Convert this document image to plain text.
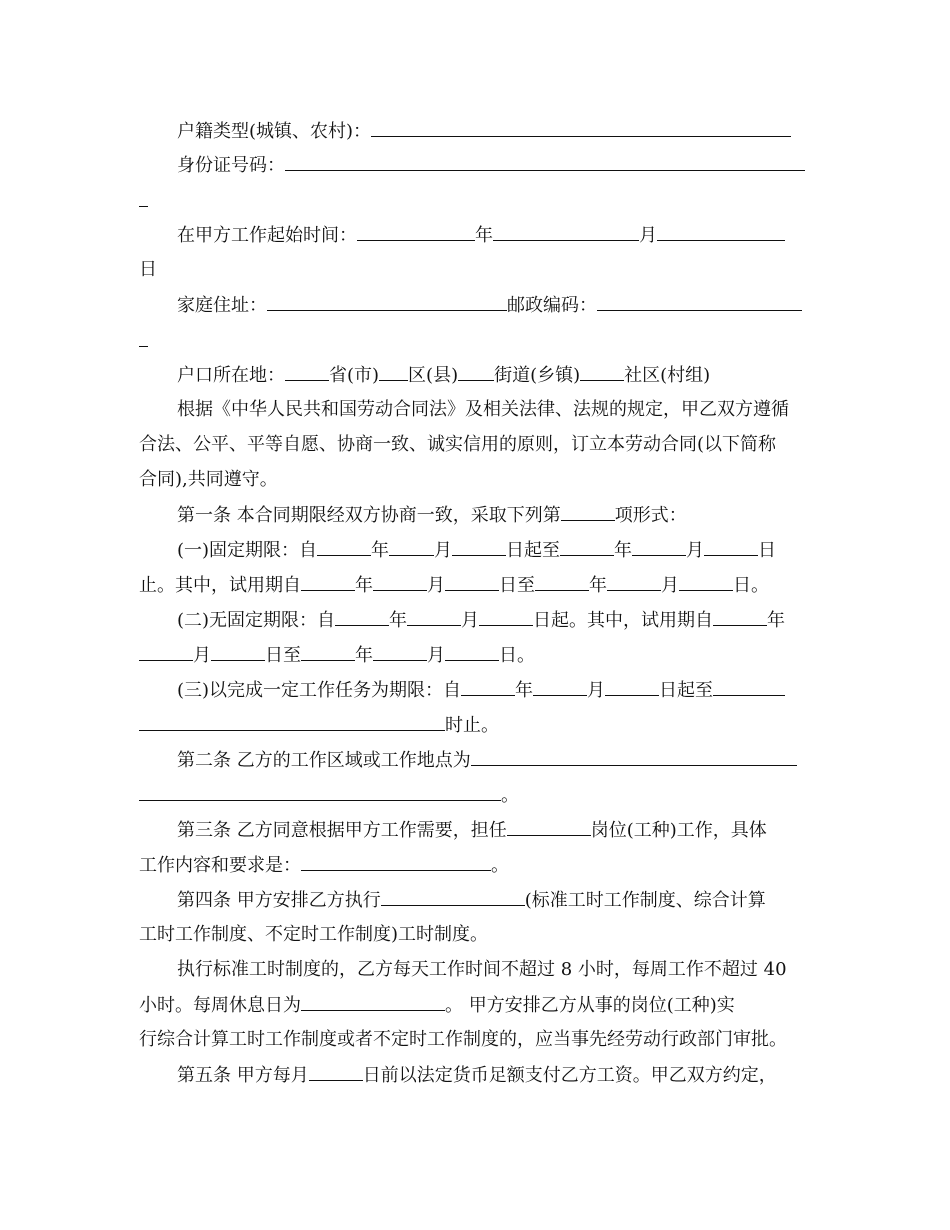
户籍类型(城镇、农村)：
身份证号码：
在甲方工作起始时间：	年	月
日
家庭住址：	邮政编码：
户口所在地： 省(市) 区(县) 街道(乡镇) 社区(村组)
根据《中华人民共和国劳动合同法》及相关法律、法规的规定，甲乙双方遵循
合法、公平、平等自愿、协商一致、诚实信用的原则，订立本劳动合同(以下简称
合同),共同遵守。
第一条 本合同期限经双方协商一致，采取下列第	项形式：
(一)固定期限：自	年	月	日起至	年	月	日
止。其中，试用期自	年	月	日至	年	月	日。
(二)无固定期限：自	年	月	日起。其中，试用期自	年
月	日至	年	月	日。
(三)以完成一定工作任务为期限：自	年	月	日起至
时止。
第二条 乙方的工作区域或工作地点为
。
第三条 乙方同意根据甲方工作需要，担任	岗位(工种)工作，具体
工作内容和要求是：	。
第四条 甲方安排乙方执行	(标准工时工作制度、综合计算
工时工作制度、不定时工作制度)工时制度。
执行标准工时制度的，乙方每天工作时间不超过 8 小时，每周工作不超过 40
小时。每周休息日为	。 甲方安排乙方从事的岗位(工种)实
行综合计算工时工作制度或者不定时工作制度的，应当事先经劳动行政部门审批。
第五条 甲方每月	日前以法定货币足额支付乙方工资。甲乙双方约定，
